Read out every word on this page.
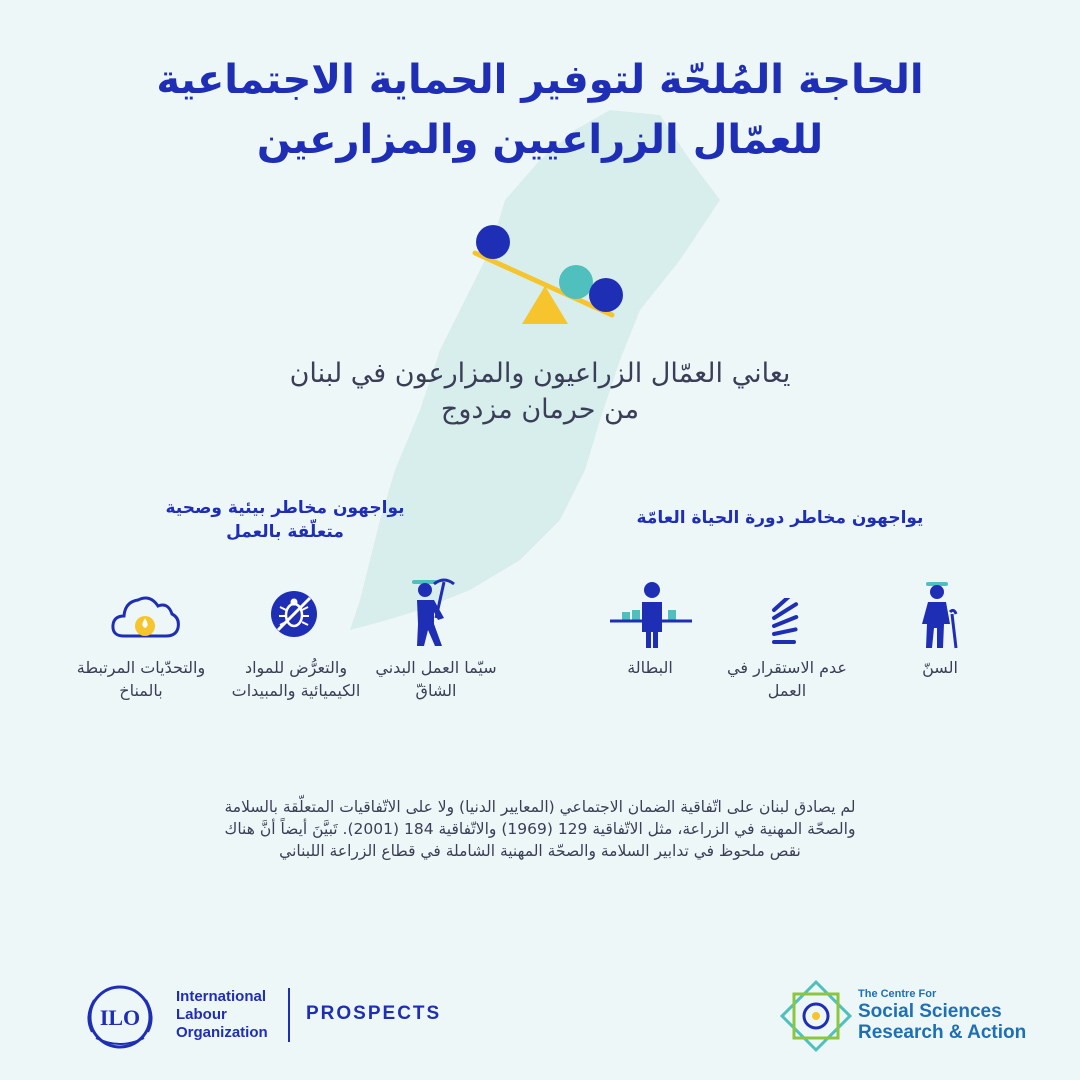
الحاجة المُلحّة لتوفير الحماية الاجتماعية
للعمّال الزراعيين والمزارعين
يعاني العمّال الزراعيون والمزارعون في لبنان
من حرمان مزدوج
يواجهون مخاطر دورة الحياة العامّة
يواجهون مخاطر بيئية وصحية
متعلّقة بالعمل
السنّ
عدم الاستقرار في العمل
البطالة
سيّما العمل البدني الشاقّ
والتعرُّض للمواد الكيميائية والمبيدات
والتحدّيات المرتبطة بالمناخ
لم يصادق لبنان على اتّفاقية الضمان الاجتماعي (المعايير الدنيا) ولا على الاتّفاقيات المتعلّقة بالسلامة
والصحّة المهنية في الزراعة، مثل الاتّفاقية 129 (1969) والاتّفاقية 184 (2001). تَبيَّنَ أيضاً أنَّ هناك
نقص ملحوظ في تدابير السلامة والصحّة المهنية الشاملة في قطاع الزراعة اللبناني
ILO
International
Labour
Organization
PROSPECTS
The Centre For
Social Sciences
Research & Action
